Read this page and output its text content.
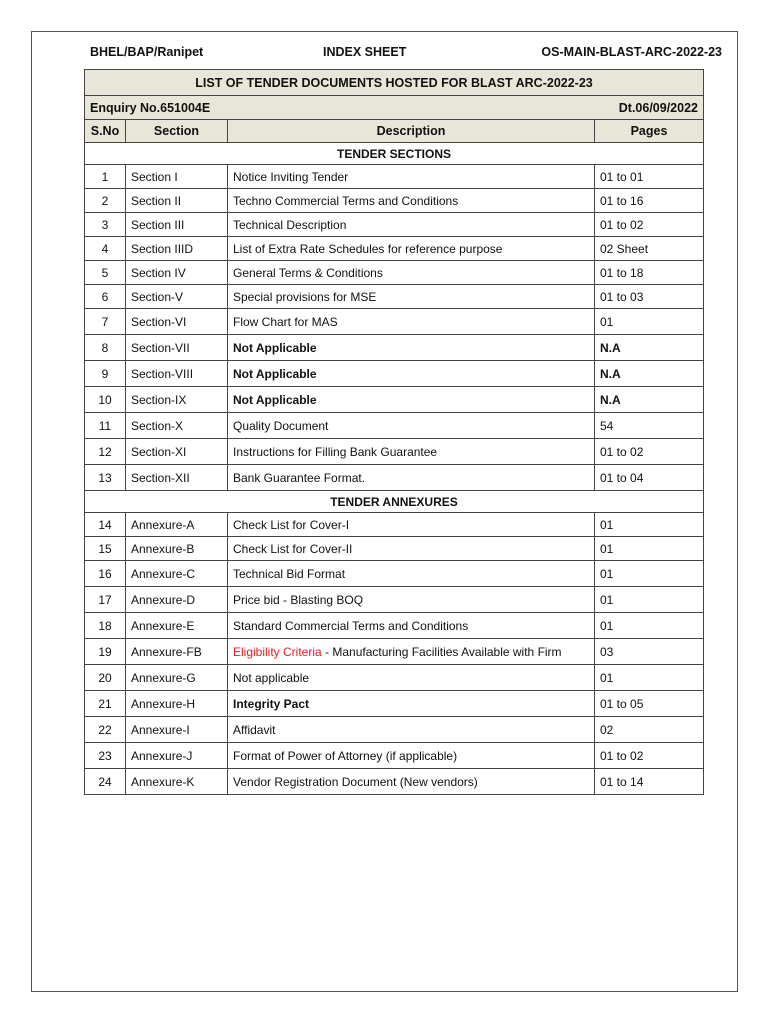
BHEL/BAP/Ranipet	INDEX SHEET	OS-MAIN-BLAST-ARC-2022-23
LIST OF TENDER DOCUMENTS HOSTED FOR BLAST ARC-2022-23			

Enquiry No.651004E Dt.06/09/2022			

S.No	Section	Description	Pages
TENDER SECTIONS			
1	Section I	Notice Inviting Tender	01 to 01
2	Section II	Techno Commercial Terms and Conditions	01 to 16
3	Section III	Technical Description	01 to 02
4	Section IIID	List of Extra Rate Schedules for reference purpose	02 Sheet
5	Section IV	General Terms & Conditions	01 to 18
6	Section-V	Special provisions for MSE	01 to 03
7	Section-VI	Flow Chart for MAS	01
8	Section-VII	Not Applicable	N.A
9	Section-VIII	Not Applicable	N.A
10	Section-IX	Not Applicable	N.A
11	Section-X	Quality Document	54
12	Section-XI	Instructions for Filling Bank Guarantee	01 to 02
13	Section-XII	Bank Guarantee Format.	01 to 04
TENDER ANNEXURES			
14	Annexure-A	Check List for Cover-I	01
15	Annexure-B	Check List for Cover-II	01
16	Annexure-C	Technical Bid Format	01
17	Annexure-D	Price bid - Blasting BOQ	01
18	Annexure-E	Standard Commercial Terms and Conditions	01
19	Annexure-FB	Eligibility Criteria - Manufacturing Facilities Available with Firm	03
20	Annexure-G	Not applicable	01
21	Annexure-H	Integrity Pact	01 to 05
22	Annexure-I	Affidavit	02
23	Annexure-J	Format of Power of Attorney (if applicable)	01 to 02
24	Annexure-K	Vendor Registration Document (New vendors)	01 to 14
